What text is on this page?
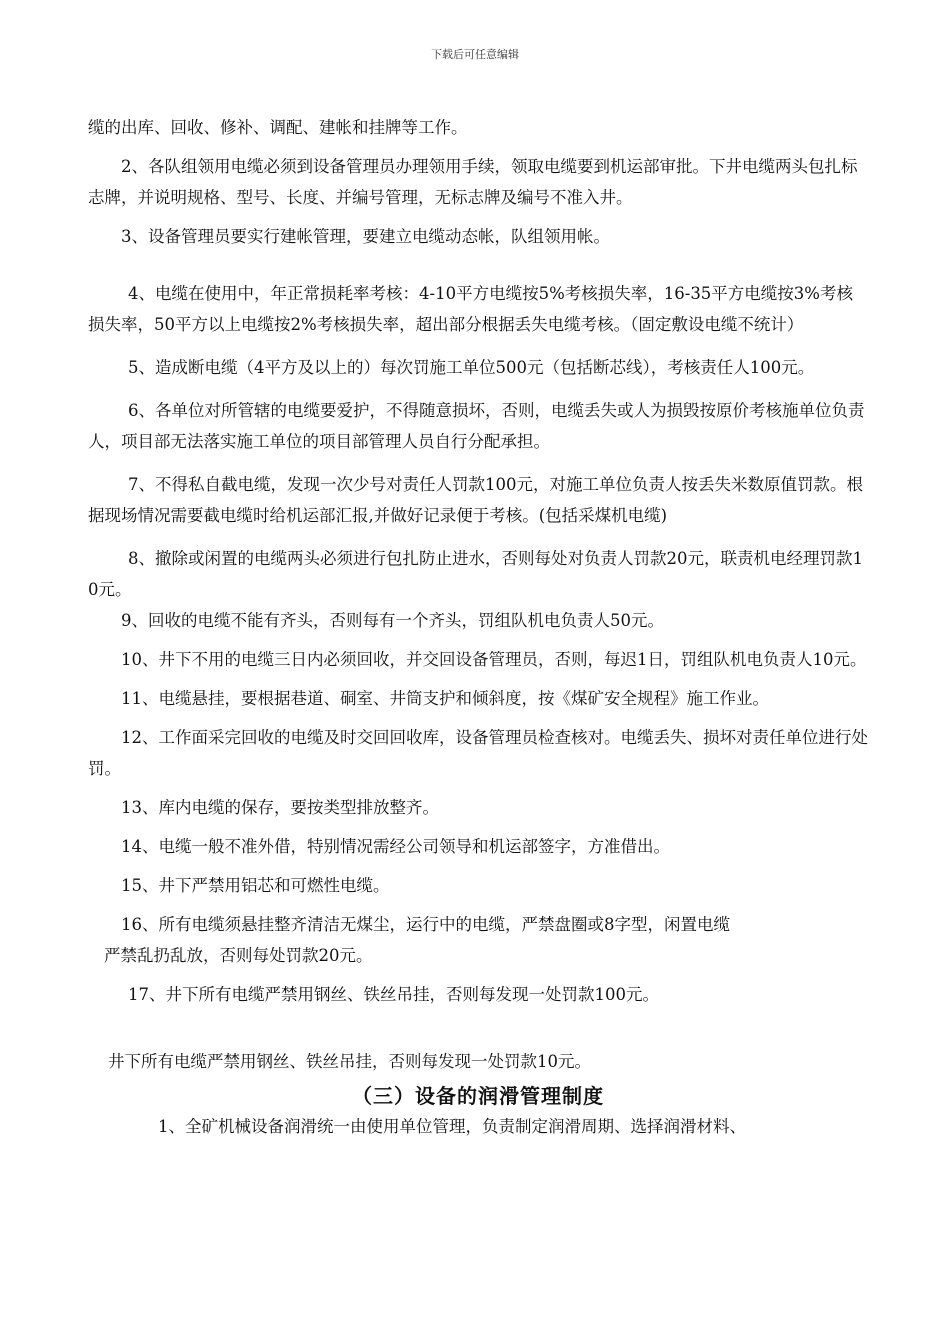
下载后可任意编辑

缆的出库、回收、修补、调配、建帐和挂牌等工作。

2、各队组领用电缆必须到设备管理员办理领用手续，领取电缆要到机运部审批。下井电缆两头包扎标志牌，并说明规格、型号、长度、并编号管理，无标志牌及编号不准入井。

3、设备管理员要实行建帐管理，要建立电缆动态帐，队组领用帐。

4、电缆在使用中，年正常损耗率考核：4-10平方电缆按5%考核损失率，16-35平方电缆按3%考核损失率，50平方以上电缆按2%考核损失率，超出部分根据丢失电缆考核。（固定敷设电缆不统计）

5、造成断电缆（4平方及以上的）每次罚施工单位500元（包括断芯线），考核责任人100元。

6、各单位对所管辖的电缆要爱护，不得随意损坏，否则，电缆丢失或人为损毁按原价考核施单位负责人，项目部无法落实施工单位的项目部管理人员自行分配承担。

7、不得私自截电缆，发现一次少号对责任人罚款100元，对施工单位负责人按丢失米数原值罚款。根据现场情况需要截电缆时给机运部汇报,并做好记录便于考核。(包括采煤机电缆)

8、撤除或闲置的电缆两头必须进行包扎防止进水，否则每处对负责人罚款20元，联责机电经理罚款10元。

9、回收的电缆不能有齐头，否则每有一个齐头，罚组队机电负责人50元。

10、井下不用的电缆三日内必须回收，并交回设备管理员，否则，每迟1日，罚组队机电负责人10元。

11、电缆悬挂，要根据巷道、硐室、井筒支护和倾斜度，按《煤矿安全规程》施工作业。

12、工作面采完回收的电缆及时交回回收库，设备管理员检查核对。电缆丢失、损坏对责任单位进行处罚。

13、库内电缆的保存，要按类型排放整齐。

14、电缆一般不准外借，特别情况需经公司领导和机运部签字，方准借出。

15、井下严禁用铝芯和可燃性电缆。

16、所有电缆须悬挂整齐清洁无煤尘，运行中的电缆，严禁盘圈或8字型，闲置电缆

严禁乱扔乱放，否则每处罚款20元。

17、井下所有电缆严禁用钢丝、铁丝吊挂，否则每发现一处罚款100元。

井下所有电缆严禁用钢丝、铁丝吊挂，否则每发现一处罚款10元。

（三）设备的润滑管理制度

1、全矿机械设备润滑统一由使用单位管理，负责制定润滑周期、选择润滑材料、
